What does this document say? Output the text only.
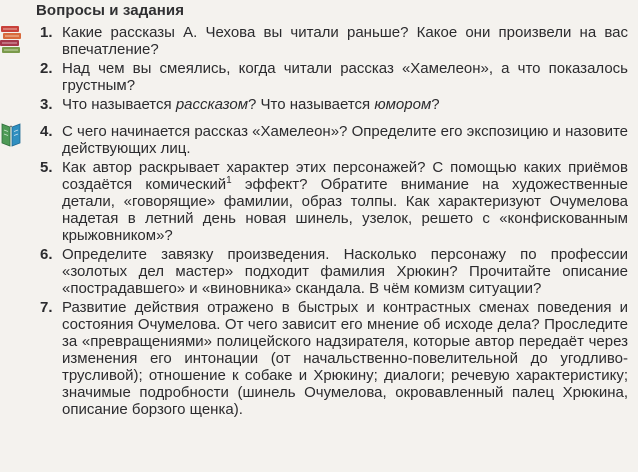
Вопросы и задания
1. Какие рассказы А. Чехова вы читали раньше? Какое они произвели на вас впечатление?
2. Над чем вы смеялись, когда читали рассказ «Хамелеон», а что показалось грустным?
3. Что называется рассказом? Что называется юмором?
4. С чего начинается рассказ «Хамелеон»? Определите его экспозицию и назовите действующих лиц.
5. Как автор раскрывает характер этих персонажей? С помощью каких приёмов создаётся комический$^1$ эффект? Обратите внимание на художественные детали, «говорящие» фамилии, образ толпы. Как характеризуют Очумелова надетая в летний день новая шинель, узелок, решето с «конфискованным крыжовником»?
6. Определите завязку произведения. Насколько персонажу по профессии «золотых дел мастер» подходит фамилия Хрюкин? Прочитайте описание «пострадавшего» и «виновника» скандала. В чём комизм ситуации?
7. Развитие действия отражено в быстрых и контрастных сменах поведения и состояния Очумелова. От чего зависит его мнение об исходе дела? Проследите за «превращениями» полицейского надзирателя, которые автор передаёт через изменения его интонации (от начальственно-повелительной до угодливо-трусливой); отношение к собаке и Хрюкину; диалоги; речевую характеристику; значимые подробности (шинель Очумелова, окровавленный палец Хрюкина, описание борзого щенка).
